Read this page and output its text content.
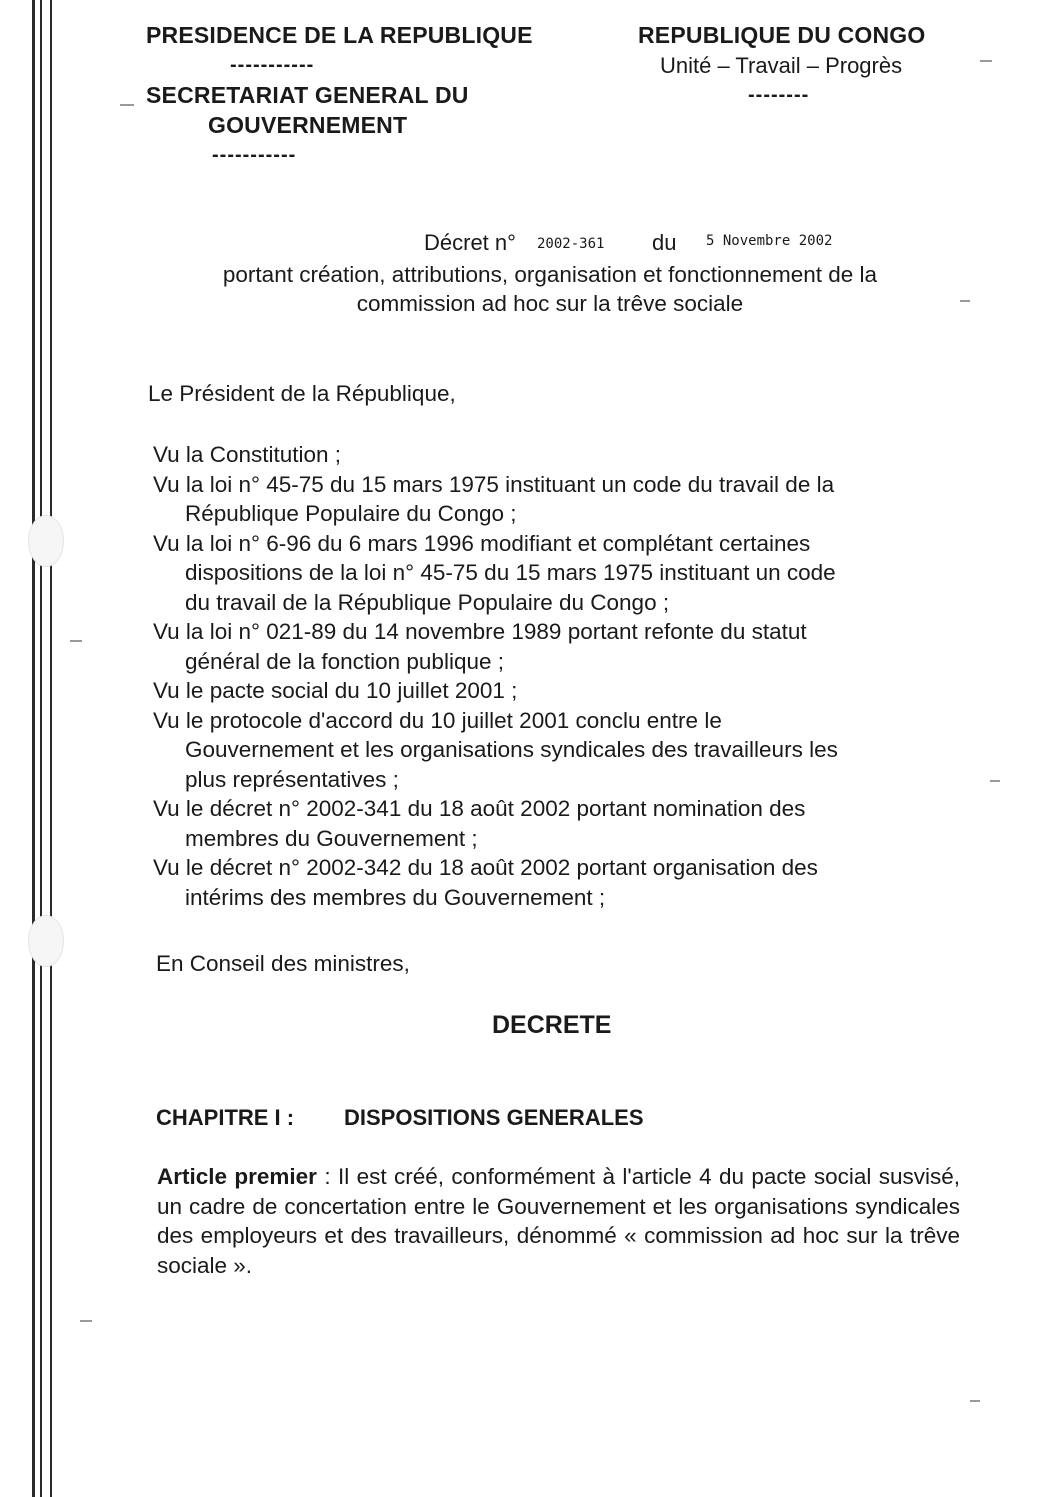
PRESIDENCE DE LA REPUBLIQUE
-----------
SECRETARIAT GENERAL DU
GOUVERNEMENT
-----------
REPUBLIQUE DU CONGO
Unité – Travail – Progrès
--------
Décret n° 2002-361 du 5 Novembre 2002
portant création, attributions, organisation et fonctionnement de la
commission ad hoc sur la trêve sociale
Le Président de la République,
Vu la Constitution ;
Vu la loi n° 45-75 du 15 mars 1975 instituant un code du travail de la
République Populaire du Congo ;
Vu la loi n° 6-96 du 6 mars 1996 modifiant et complétant certaines
dispositions de la loi n° 45-75 du 15 mars 1975 instituant un code
du travail de la République Populaire du Congo ;
Vu la loi n° 021-89 du 14 novembre 1989 portant refonte du statut
général de la fonction publique ;
Vu le pacte social du 10 juillet 2001 ;
Vu le protocole d'accord du 10 juillet 2001 conclu entre le
Gouvernement et les organisations syndicales des travailleurs les
plus représentatives ;
Vu le décret n° 2002-341 du 18 août 2002 portant nomination des
membres du Gouvernement ;
Vu le décret n° 2002-342 du 18 août 2002 portant organisation des
intérims des membres du Gouvernement ;
En Conseil des ministres,
DECRETE
CHAPITRE I : DISPOSITIONS GENERALES
Article premier : Il est créé, conformément à l'article 4 du pacte social susvisé, un cadre de concertation entre le Gouvernement et les organisations syndicales des employeurs et des travailleurs, dénommé « commission ad hoc sur la trêve sociale ».
